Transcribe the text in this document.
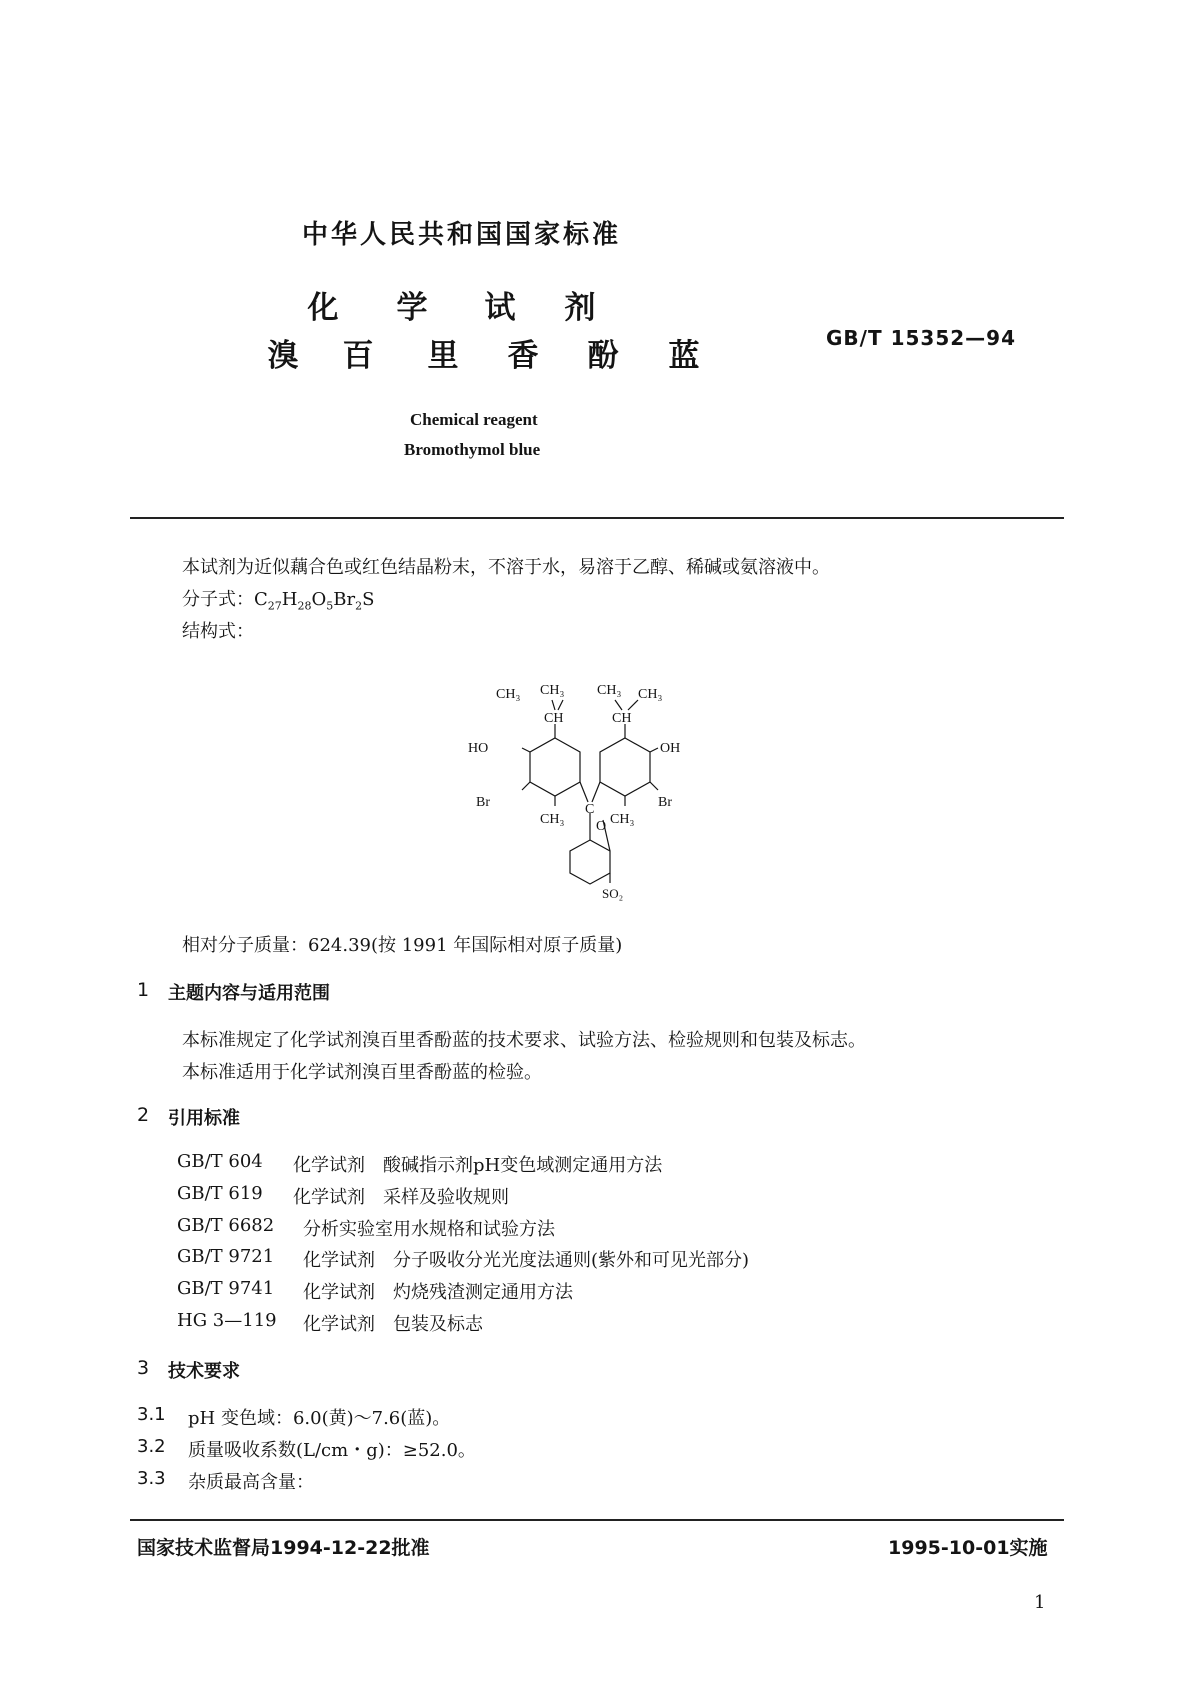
中华人民共和国国家标准
化 学 试 剂
溴 百 里 香 酚 蓝	GB/T 15352—94
Chemical reagent
Bromothymol blue
本试剂为近似藕合色或红色结晶粉末，不溶于水，易溶于乙醇、稀碱或氨溶液中。
分子式：$C_{27}H_{28}O_5Br_2S$
结构式：
CH₃ CH₃ CH₃ CH₃
CH	CH
HO	OH
Br	Br
C
CH₃	CH₃
O
SO₂
相对分子质量：624.39(按 1991 年国际相对原子质量)
1 主题内容与适用范围
本标准规定了化学试剂溴百里香酚蓝的技术要求、试验方法、检验规则和包装及标志。
本标准适用于化学试剂溴百里香酚蓝的检验。
2 引用标准
GB/T 604 化学试剂　酸碱指示剂pH变色域测定通用方法
GB/T 619 化学试剂　采样及验收规则
GB/T 6682 分析实验室用水规格和试验方法
GB/T 9721 化学试剂　分子吸收分光光度法通则(紫外和可见光部分)
GB/T 9741 化学试剂　灼烧残渣测定通用方法
HG 3—119 化学试剂　包装及标志
3 技术要求
3.1 pH 变色域：6.0(黄)～7.6(蓝)。
3.2 质量吸收系数(L/cm・g)：≥52.0。
3.3 杂质最高含量：
国家技术监督局1994-12-22批准	1995-10-01实施
1
